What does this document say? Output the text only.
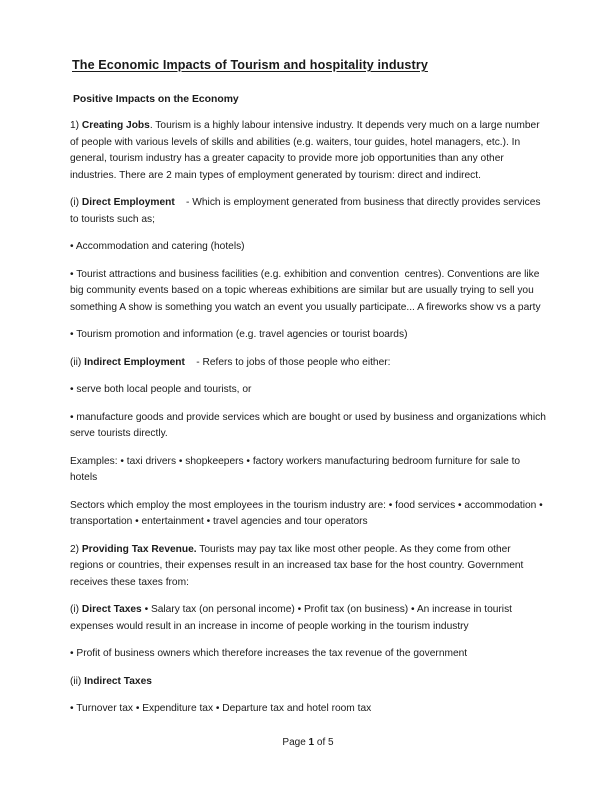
The Economic Impacts of Tourism and hospitality industry

Positive Impacts on the Economy

1) Creating Jobs. Tourism is a highly labour intensive industry. It depends very much on a large number of people with various levels of skills and abilities (e.g. waiters, tour guides, hotel managers, etc.). In general, tourism industry has a greater capacity to provide more job opportunities than any other industries. There are 2 main types of employment generated by tourism: direct and indirect.

(i) Direct Employment    - Which is employment generated from business that directly provides services to tourists such as;

• Accommodation and catering (hotels)

• Tourist attractions and business facilities (e.g. exhibition and convention  centres). Conventions are like big community events based on a topic whereas exhibitions are similar but are usually trying to sell you something A show is something you watch an event you usually participate... A fireworks show vs a party

• Tourism promotion and information (e.g. travel agencies or tourist boards)

(ii) Indirect Employment    - Refers to jobs of those people who either:

• serve both local people and tourists, or

• manufacture goods and provide services which are bought or used by business and organizations which serve tourists directly.

Examples: • taxi drivers • shopkeepers • factory workers manufacturing bedroom furniture for sale to hotels

Sectors which employ the most employees in the tourism industry are: • food services • accommodation • transportation • entertainment • travel agencies and tour operators

2) Providing Tax Revenue. Tourists may pay tax like most other people. As they come from other regions or countries, their expenses result in an increased tax base for the host country. Government receives these taxes from:

(i) Direct Taxes • Salary tax (on personal income) • Profit tax (on business) • An increase in tourist expenses would result in an increase in income of people working in the tourism industry

• Profit of business owners which therefore increases the tax revenue of the government

(ii) Indirect Taxes

• Turnover tax • Expenditure tax • Departure tax and hotel room tax

Page 1 of 5
